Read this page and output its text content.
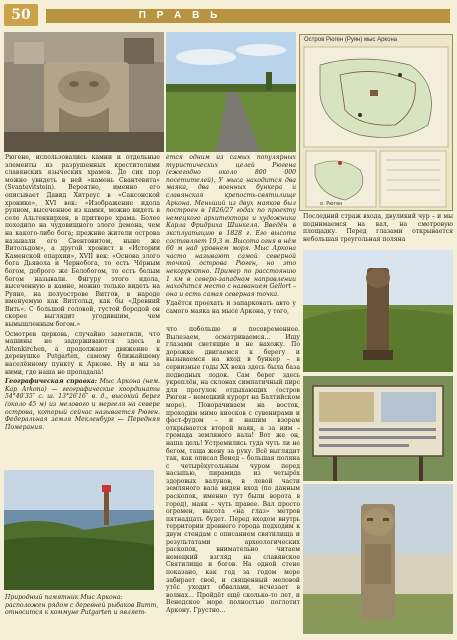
50	П Р А В Ь
Остров Рюген (Руян) мыс Аркона
о. Рюген

Рюгене, использовались камни и отдельные элементы из разрушенных крестителями славянских языческих храмов. До сих пор можно увидеть в ней «камень Свантевита» (Svantevitstein). Вероятно, именно его описывает Давид Хитреус в «Саксонской хронике», XVI век: «Изображение идола руяном, высеченное из камня, можно видеть в селе Альтенкирхен, в притворе храма. Более походило на чудовищного злого демона, чем на какого-либо бога; прежние жители острова называли его Свентовитом, ныне же Витольдом», а другой хронист в «Истории Каменской епархии», XVII век: «Основа злого бога Дьявола и Чернобога, то есть Чёрным богом, доброго же Белобогом, то есть белым богом называли. Фигуру этого идола, высеченную в камне, можно только видеть на Руяне, на полуострове Витгов, в народе именуемую как Витгольд, как бы «Древний Вить». С большой головой, густой бородой он скорее выглядит угодившим, чем вымышленным богом.»

Осмотрев церковь, случайно заметили, что машины не задерживаются здесь в Altenkirchen, а продолжают движение к деревушке Putgarten, самому ближайшему населённому пункту к Арконе. Ну и мы за ними, где наша не пропадала!

Географическая справка: Мыс Аркона (нем. Kap Arkona) — географические координаты 54°40′35″ с. ш. 13°26′16″ в. д., высокий берег (около 45 м) из мелового и мергеля на севере острова, который сейчас называется Рюген. Федеральная земля Мекленбург — Передняя Померания.

Природный памятник Мыс Аркона: расположен рядом с деревней рыбаков Витт, относится к коммуне Putgarten и являет-

ется одним из самых популярных туристических целей Рюгена (ежегодно около 800 000 посетителей). У мыса находится два маяка, два военных бункера и славянская крепость-святилище Аркона. Меньший из двух маяков был построен в 1826/27 годах по проекту немецкого архитектора и художника Карла Фридриха Шинкеля. Введён в эксплуатацию в 1828 г. Его высота составляет 19,3 м. Высота огня в нём 60 м над уровнем моря. Мыс Аркона часто называют самой северной точкой острова Рюген, но это некорректно. Пример по расстоянию 1 км в северо-западном направлении находится место с названием Gellort – она и есть самая северная точка.

Удаётся проехать и запарковать авто у самого маяка на мысе Аркона, у того,

что побольше и посовременнее. Вылезаем, осматриваемся... Ищу глазами светящие и не нахожу. По дорожке двигаемся к берегу и вызываемся на вход в бункер – в сервизные годы ХХ века здесь была база подводных лодок. Сам берег здесь укреплён, на склонах симпатичный пирс для прогулок отдыхающих (остров Рюген – немецкий курорт на Балтийском море). Поворачиваем на восток, проходим мимо киосков с сувенирами и фаст-фудом – и нашим взорам открывается второй маяк, а за ним – громада земляного вала! Вот же он, наша цель! Устремились туда чуть ли не бегом, таща жену за руку. Всё выглядит так, как описал Венед – большая поляна с четырёхугольным чуром перед насыпью, пирамида из четырёх здоровых валунов, в левой части земляного вала виден вход (по данным раскопок, именно тут были ворота в город), маяк – чуть правее. Вал просто огромен, высота «на глаз» метров пятнадцать будет. Перед входом внутрь территории древнего города подходим к двум стендам с описанием святилища и результатами археологических раскопок, внимательно читаем немецкий взгляд на славянское Святилище и богов. На одной стене показано, как год за годом море забирает своё, и священный меловой утёс уходит обвалами, исчезает в волнах... Пройдёт ещё сколько-то лет, и Венедское море полностью поглотит Аркону. Грустно...

Последний страж входа, двуликий чур – и мы поднимаемся на вал, на смотровую площадку. Перед глазами открывается небольшая треугольная поляна
